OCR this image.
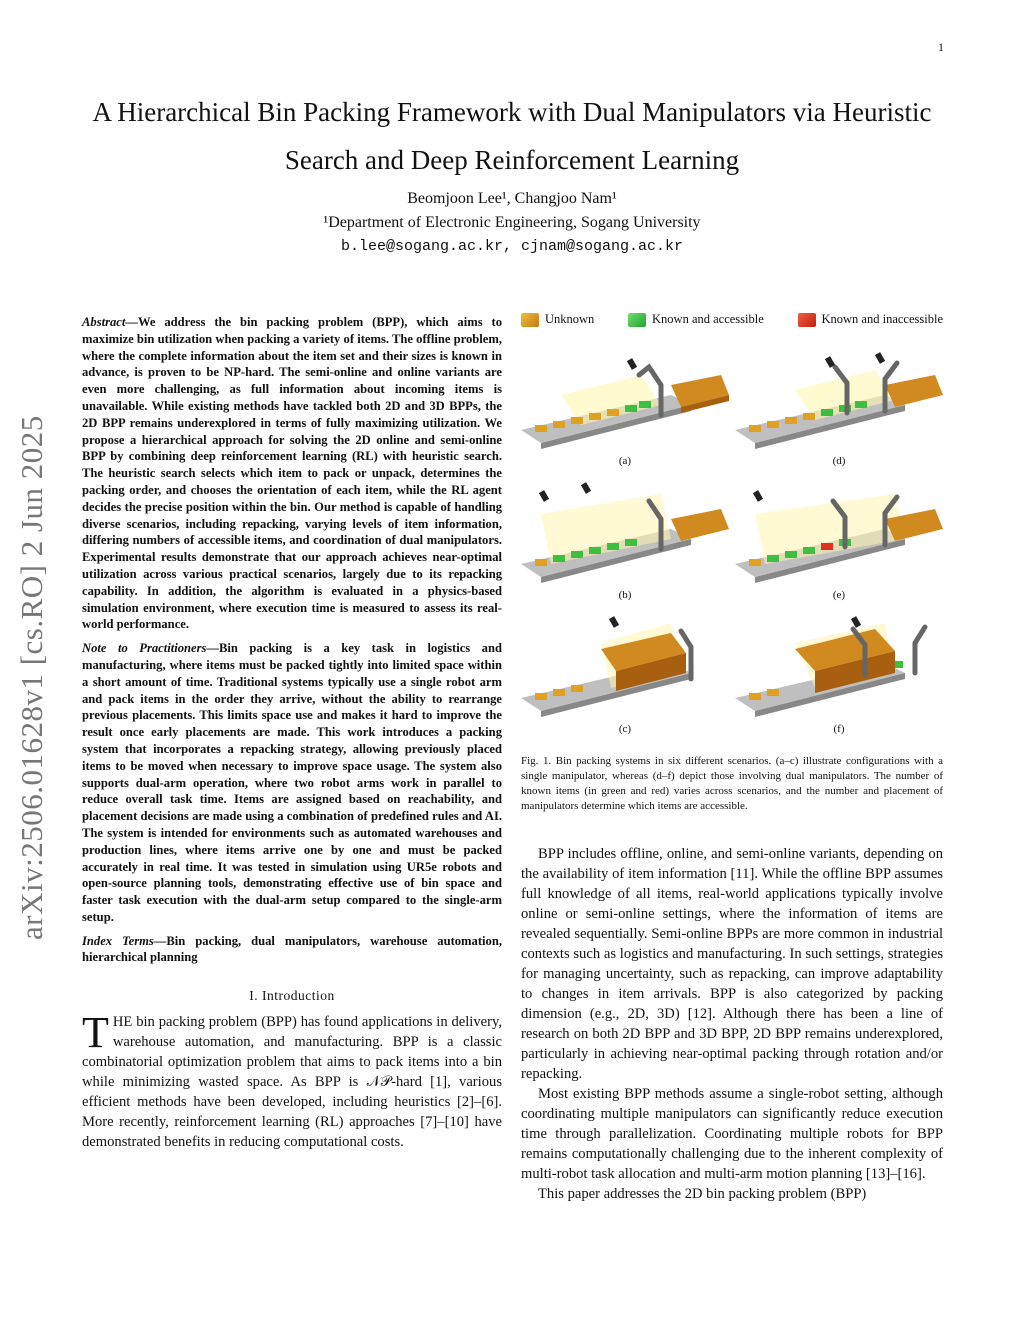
1
A Hierarchical Bin Packing Framework with Dual Manipulators via Heuristic Search and Deep Reinforcement Learning
Beomjoon Lee¹, Changjoo Nam¹
¹Department of Electronic Engineering, Sogang University
b.lee@sogang.ac.kr, cjnam@sogang.ac.kr
arXiv:2506.01628v1 [cs.RO] 2 Jun 2025

Abstract—We address the bin packing problem (BPP), which aims to maximize bin utilization when packing a variety of items. The offline problem, where the complete information about the item set and their sizes is known in advance, is proven to be NP-hard. The semi-online and online variants are even more challenging, as full information about incoming items is unavailable. While existing methods have tackled both 2D and 3D BPPs, the 2D BPP remains underexplored in terms of fully maximizing utilization. We propose a hierarchical approach for solving the 2D online and semi-online BPP by combining deep reinforcement learning (RL) with heuristic search. The heuristic search selects which item to pack or unpack, determines the packing order, and chooses the orientation of each item, while the RL agent decides the precise position within the bin. Our method is capable of handling diverse scenarios, including repacking, varying levels of item information, differing numbers of accessible items, and coordination of dual manipulators. Experimental results demonstrate that our approach achieves near-optimal utilization across various practical scenarios, largely due to its repacking capability. In addition, the algorithm is evaluated in a physics-based simulation environment, where execution time is measured to assess its real-world performance.

Note to Practitioners—Bin packing is a key task in logistics and manufacturing, where items must be packed tightly into limited space within a short amount of time. Traditional systems typically use a single robot arm and pack items in the order they arrive, without the ability to rearrange previous placements. This limits space use and makes it hard to improve the result once early placements are made. This work introduces a packing system that incorporates a repacking strategy, allowing previously placed items to be moved when necessary to improve space usage. The system also supports dual-arm operation, where two robot arms work in parallel to reduce overall task time. Items are assigned based on reachability, and placement decisions are made using a combination of predefined rules and AI. The system is intended for environments such as automated warehouses and production lines, where items arrive one by one and must be packed accurately in real time. It was tested in simulation using UR5e robots and open-source planning tools, demonstrating effective use of bin space and faster task execution with the dual-arm setup compared to the single-arm setup.

Index Terms—Bin packing, dual manipulators, warehouse automation, hierarchical planning

I. Introduction

THE bin packing problem (BPP) has found applications in delivery, warehouse automation, and manufacturing. BPP is a classic combinatorial optimization problem that aims to pack items into a bin while minimizing wasted space. As BPP is 𝒩𝒫-hard [1], various efficient methods have been developed, including heuristics [2]–[6]. More recently, reinforcement learning (RL) approaches [7]–[10] have demonstrated benefits in reducing computational costs.

Unknown	Known and accessible	Known and inaccessible
(a)	(d)
(b)	(e)
(c)	(f)
Fig. 1. Bin packing systems in six different scenarios. (a–c) illustrate configurations with a single manipulator, whereas (d–f) depict those involving dual manipulators. The number of known items (in green and red) varies across scenarios, and the number and placement of manipulators determine which items are accessible.

BPP includes offline, online, and semi-online variants, depending on the availability of item information [11]. While the offline BPP assumes full knowledge of all items, real-world applications typically involve online or semi-online settings, where the information of items are revealed sequentially. Semi-online BPPs are more common in industrial contexts such as logistics and manufacturing. In such settings, strategies for managing uncertainty, such as repacking, can improve adaptability to changes in item arrivals. BPP is also categorized by packing dimension (e.g., 2D, 3D) [12]. Although there has been a line of research on both 2D BPP and 3D BPP, 2D BPP remains underexplored, particularly in achieving near-optimal packing through rotation and/or repacking.

Most existing BPP methods assume a single-robot setting, although coordinating multiple manipulators can significantly reduce execution time through parallelization. Coordinating multiple robots for BPP remains computationally challenging due to the inherent complexity of multi-robot task allocation and multi-arm motion planning [13]–[16].

This paper addresses the 2D bin packing problem (BPP)
